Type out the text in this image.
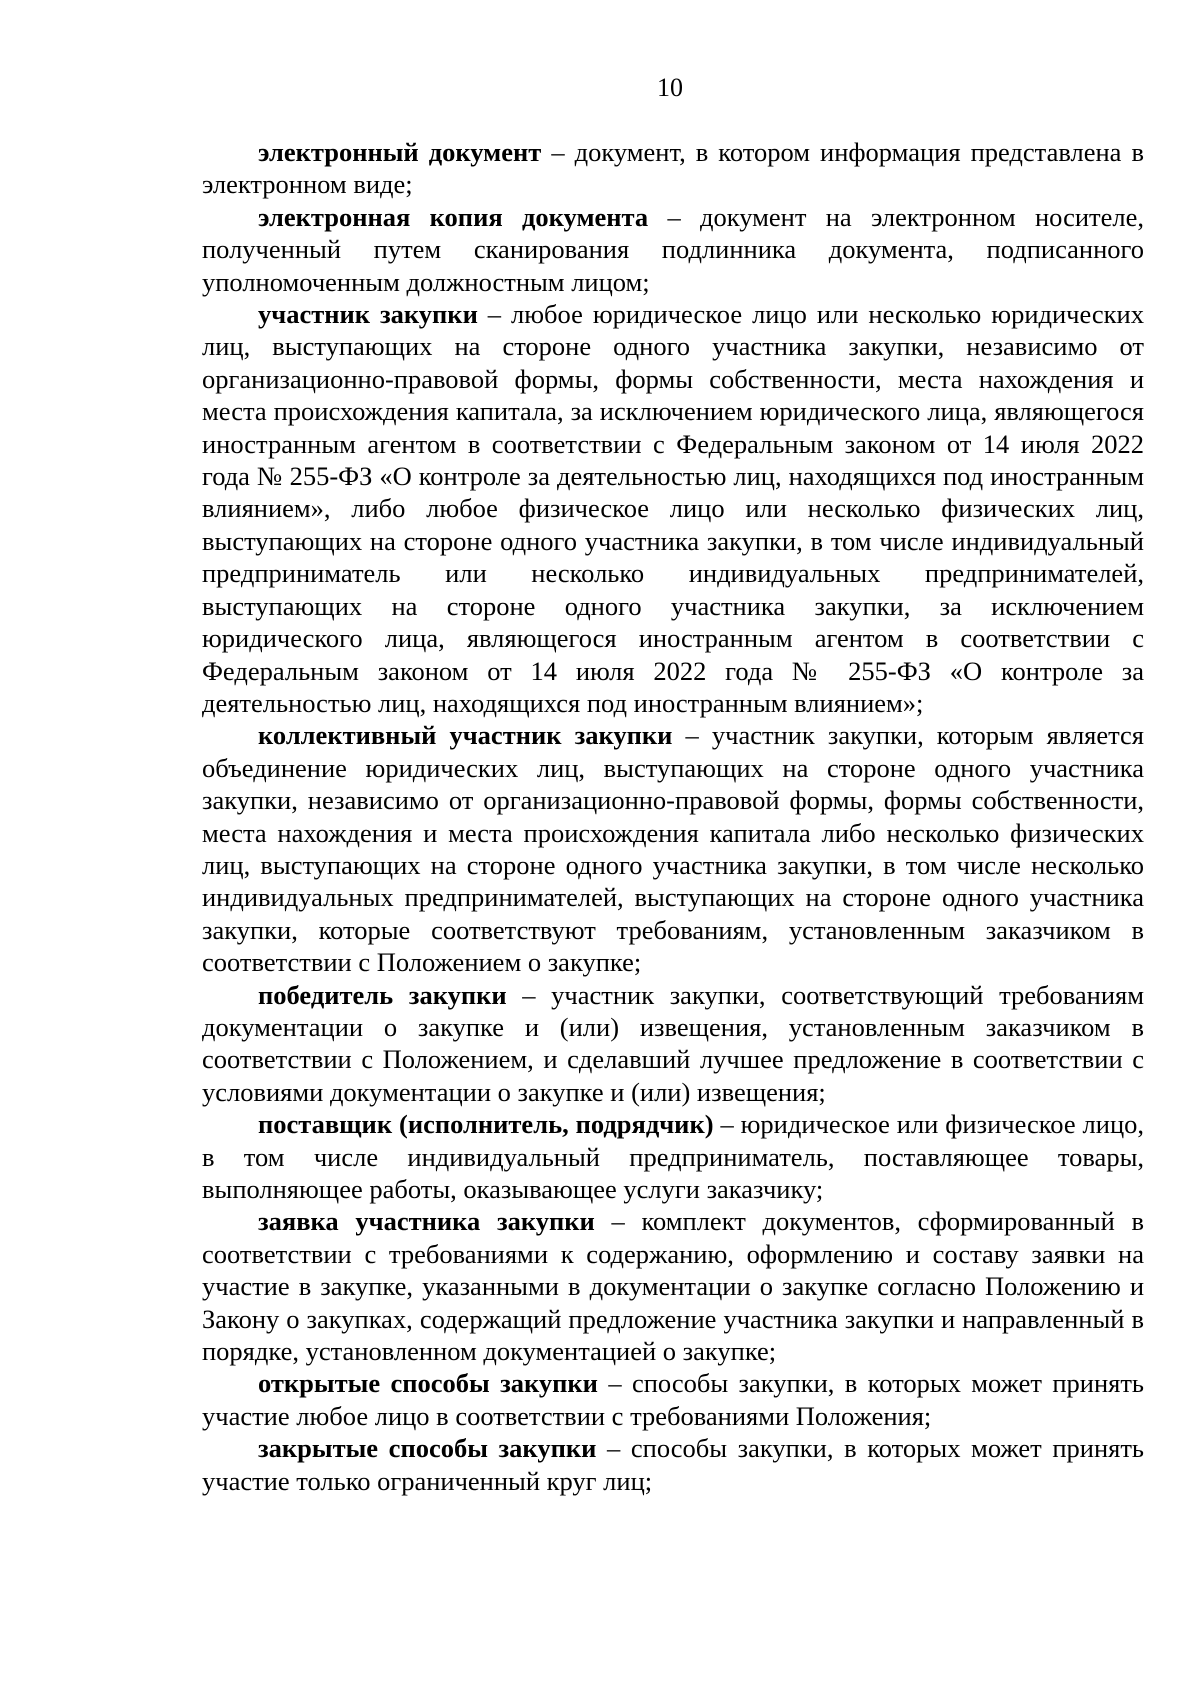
10

электронный документ – документ, в котором информация представлена в электронном виде;

электронная копия документа – документ на электронном носителе, полученный путем сканирования подлинника документа, подписанного уполномоченным должностным лицом;

участник закупки – любое юридическое лицо или несколько юридических лиц, выступающих на стороне одного участника закупки, независимо от организационно-правовой формы, формы собственности, места нахождения и места происхождения капитала, за исключением юридического лица, являющегося иностранным агентом в соответствии с Федеральным законом от 14 июля 2022 года № 255-ФЗ «О контроле за деятельностью лиц, находящихся под иностранным влиянием», либо любое физическое лицо или несколько физических лиц, выступающих на стороне одного участника закупки, в том числе индивидуальный предприниматель или несколько индивидуальных предпринимателей, выступающих на стороне одного участника закупки, за исключением юридического лица, являющегося иностранным агентом в соответствии с Федеральным законом от 14 июля 2022 года № 255-ФЗ «О контроле за деятельностью лиц, находящихся под иностранным влиянием»;

коллективный участник закупки – участник закупки, которым является объединение юридических лиц, выступающих на стороне одного участника закупки, независимо от организационно-правовой формы, формы собственности, места нахождения и места происхождения капитала либо несколько физических лиц, выступающих на стороне одного участника закупки, в том числе несколько индивидуальных предпринимателей, выступающих на стороне одного участника закупки, которые соответствуют требованиям, установленным заказчиком в соответствии с Положением о закупке;

победитель закупки – участник закупки, соответствующий требованиям документации о закупке и (или) извещения, установленным заказчиком в соответствии с Положением, и сделавший лучшее предложение в соответствии с условиями документации о закупке и (или) извещения;

поставщик (исполнитель, подрядчик) – юридическое или физическое лицо, в том числе индивидуальный предприниматель, поставляющее товары, выполняющее работы, оказывающее услуги заказчику;

заявка участника закупки – комплект документов, сформированный в соответствии с требованиями к содержанию, оформлению и составу заявки на участие в закупке, указанными в документации о закупке согласно Положению и Закону о закупках, содержащий предложение участника закупки и направленный в порядке, установленном документацией о закупке;

открытые способы закупки – способы закупки, в которых может принять участие любое лицо в соответствии с требованиями Положения;

закрытые способы закупки – способы закупки, в которых может принять участие только ограниченный круг лиц;
